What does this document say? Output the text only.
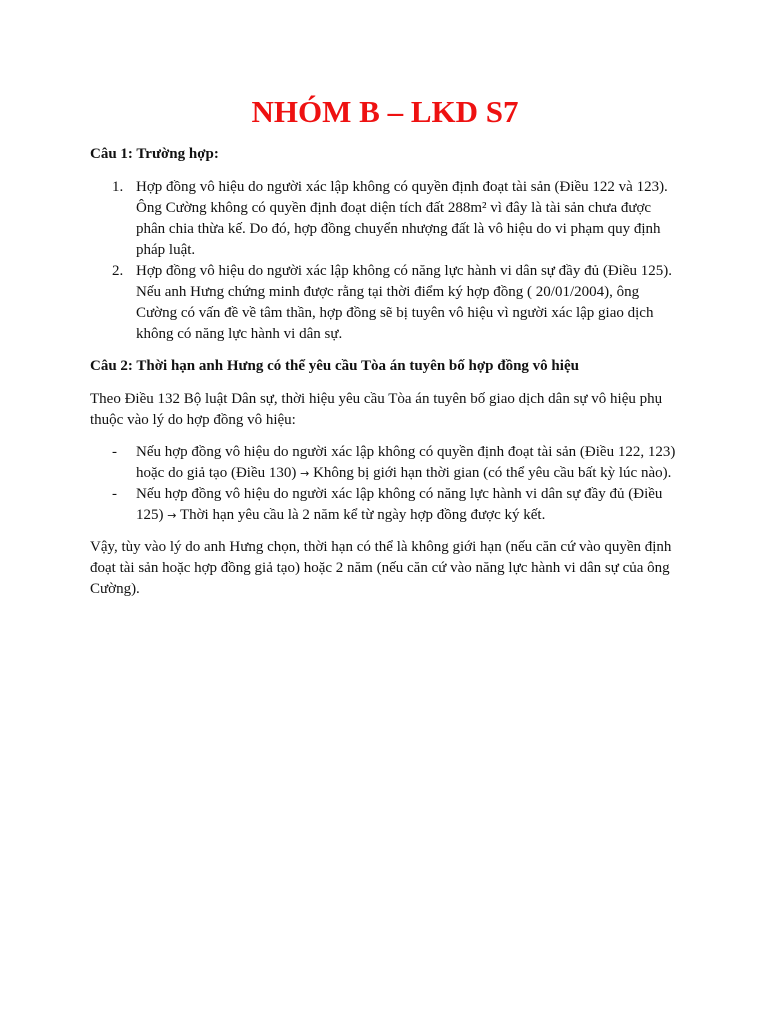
NHÓM B – LKD S7
Câu 1: Trường hợp:
1. Hợp đồng vô hiệu do người xác lập không có quyền định đoạt tài sản (Điều 122 và 123). Ông Cường không có quyền định đoạt diện tích đất 288m² vì đây là tài sản chưa được phân chia thừa kế. Do đó, hợp đồng chuyển nhượng đất là vô hiệu do vi phạm quy định pháp luật.
2. Hợp đồng vô hiệu do người xác lập không có năng lực hành vi dân sự đầy đủ (Điều 125). Nếu anh Hưng chứng minh được rằng tại thời điểm ký hợp đồng ( 20/01/2004), ông Cường có vấn đề về tâm thần, hợp đồng sẽ bị tuyên vô hiệu vì người xác lập giao dịch không có năng lực hành vi dân sự.
Câu 2: Thời hạn anh Hưng có thể yêu cầu Tòa án tuyên bố hợp đồng vô hiệu

Theo Điều 132 Bộ luật Dân sự, thời hiệu yêu cầu Tòa án tuyên bố giao dịch dân sự vô hiệu phụ thuộc vào lý do hợp đồng vô hiệu:

- Nếu hợp đồng vô hiệu do người xác lập không có quyền định đoạt tài sản (Điều 122, 123) hoặc do giả tạo (Điều 130) → Không bị giới hạn thời gian (có thể yêu cầu bất kỳ lúc nào).
- Nếu hợp đồng vô hiệu do người xác lập không có năng lực hành vi dân sự đầy đủ (Điều 125) → Thời hạn yêu cầu là 2 năm kể từ ngày hợp đồng được ký kết.

Vậy, tùy vào lý do anh Hưng chọn, thời hạn có thể là không giới hạn (nếu căn cứ vào quyền định đoạt tài sản hoặc hợp đồng giả tạo) hoặc 2 năm (nếu căn cứ vào năng lực hành vi dân sự của ông Cường).
